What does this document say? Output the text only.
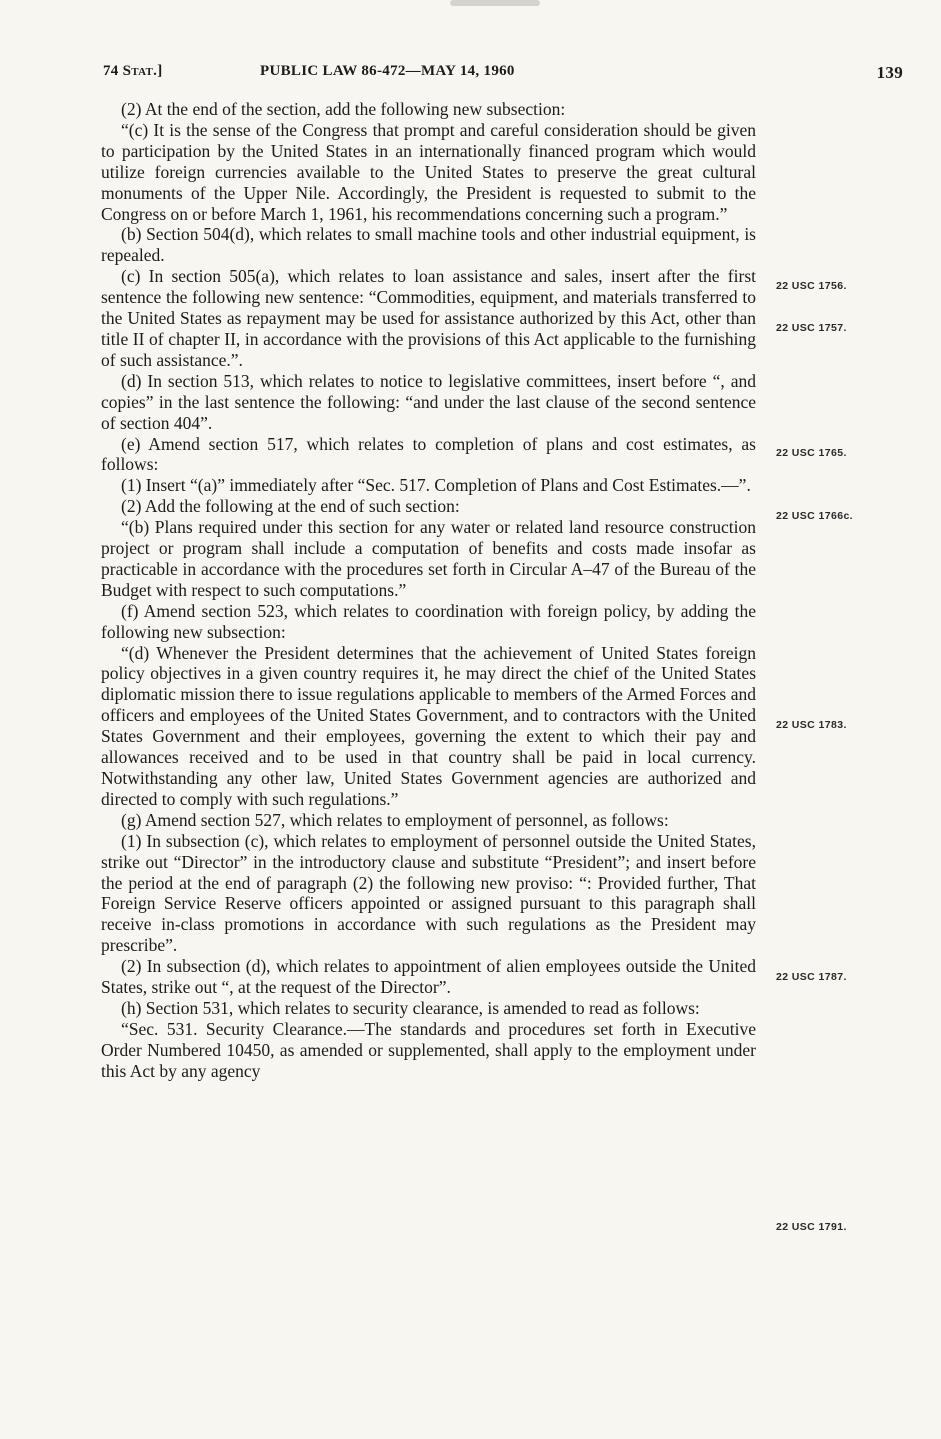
74 Stat.]	PUBLIC LAW 86-472—MAY 14, 1960	139

(2) At the end of the section, add the following new subsection:

“(c) It is the sense of the Congress that prompt and careful consideration should be given to participation by the United States in an internationally financed program which would utilize foreign currencies available to the United States to preserve the great cultural monuments of the Upper Nile. Accordingly, the President is requested to submit to the Congress on or before March 1, 1961, his recommendations concerning such a program.”

(b) Section 504(d), which relates to small machine tools and other industrial equipment, is repealed.

(c) In section 505(a), which relates to loan assistance and sales, insert after the first sentence the following new sentence: “Commodities, equipment, and materials transferred to the United States as repayment may be used for assistance authorized by this Act, other than title II of chapter II, in accordance with the provisions of this Act applicable to the furnishing of such assistance.”.

(d) In section 513, which relates to notice to legislative committees, insert before “, and copies” in the last sentence the following: “and under the last clause of the second sentence of section 404”.

(e) Amend section 517, which relates to completion of plans and cost estimates, as follows:

(1) Insert “(a)” immediately after “Sec. 517. Completion of Plans and Cost Estimates.—”.

(2) Add the following at the end of such section:

“(b) Plans required under this section for any water or related land resource construction project or program shall include a computation of benefits and costs made insofar as practicable in accordance with the procedures set forth in Circular A–47 of the Bureau of the Budget with respect to such computations.”

(f) Amend section 523, which relates to coordination with foreign policy, by adding the following new subsection:

“(d) Whenever the President determines that the achievement of United States foreign policy objectives in a given country requires it, he may direct the chief of the United States diplomatic mission there to issue regulations applicable to members of the Armed Forces and officers and employees of the United States Government, and to contractors with the United States Government and their employees, governing the extent to which their pay and allowances received and to be used in that country shall be paid in local currency. Notwithstanding any other law, United States Government agencies are authorized and directed to comply with such regulations.”

(g) Amend section 527, which relates to employment of personnel, as follows:

(1) In subsection (c), which relates to employment of personnel outside the United States, strike out “Director” in the introductory clause and substitute “President”; and insert before the period at the end of paragraph (2) the following new proviso: “: Provided further, That Foreign Service Reserve officers appointed or assigned pursuant to this paragraph shall receive in-class promotions in accordance with such regulations as the President may prescribe”.

(2) In subsection (d), which relates to appointment of alien employees outside the United States, strike out “, at the request of the Director”.

(h) Section 531, which relates to security clearance, is amended to read as follows:

“Sec. 531. Security Clearance.—The standards and procedures set forth in Executive Order Numbered 10450, as amended or supplemented, shall apply to the employment under this Act by any agency

22 USC 1756.
22 USC 1757.
22 USC 1765.
22 USC 1766c.
22 USC 1783.
22 USC 1787.
22 USC 1791.
